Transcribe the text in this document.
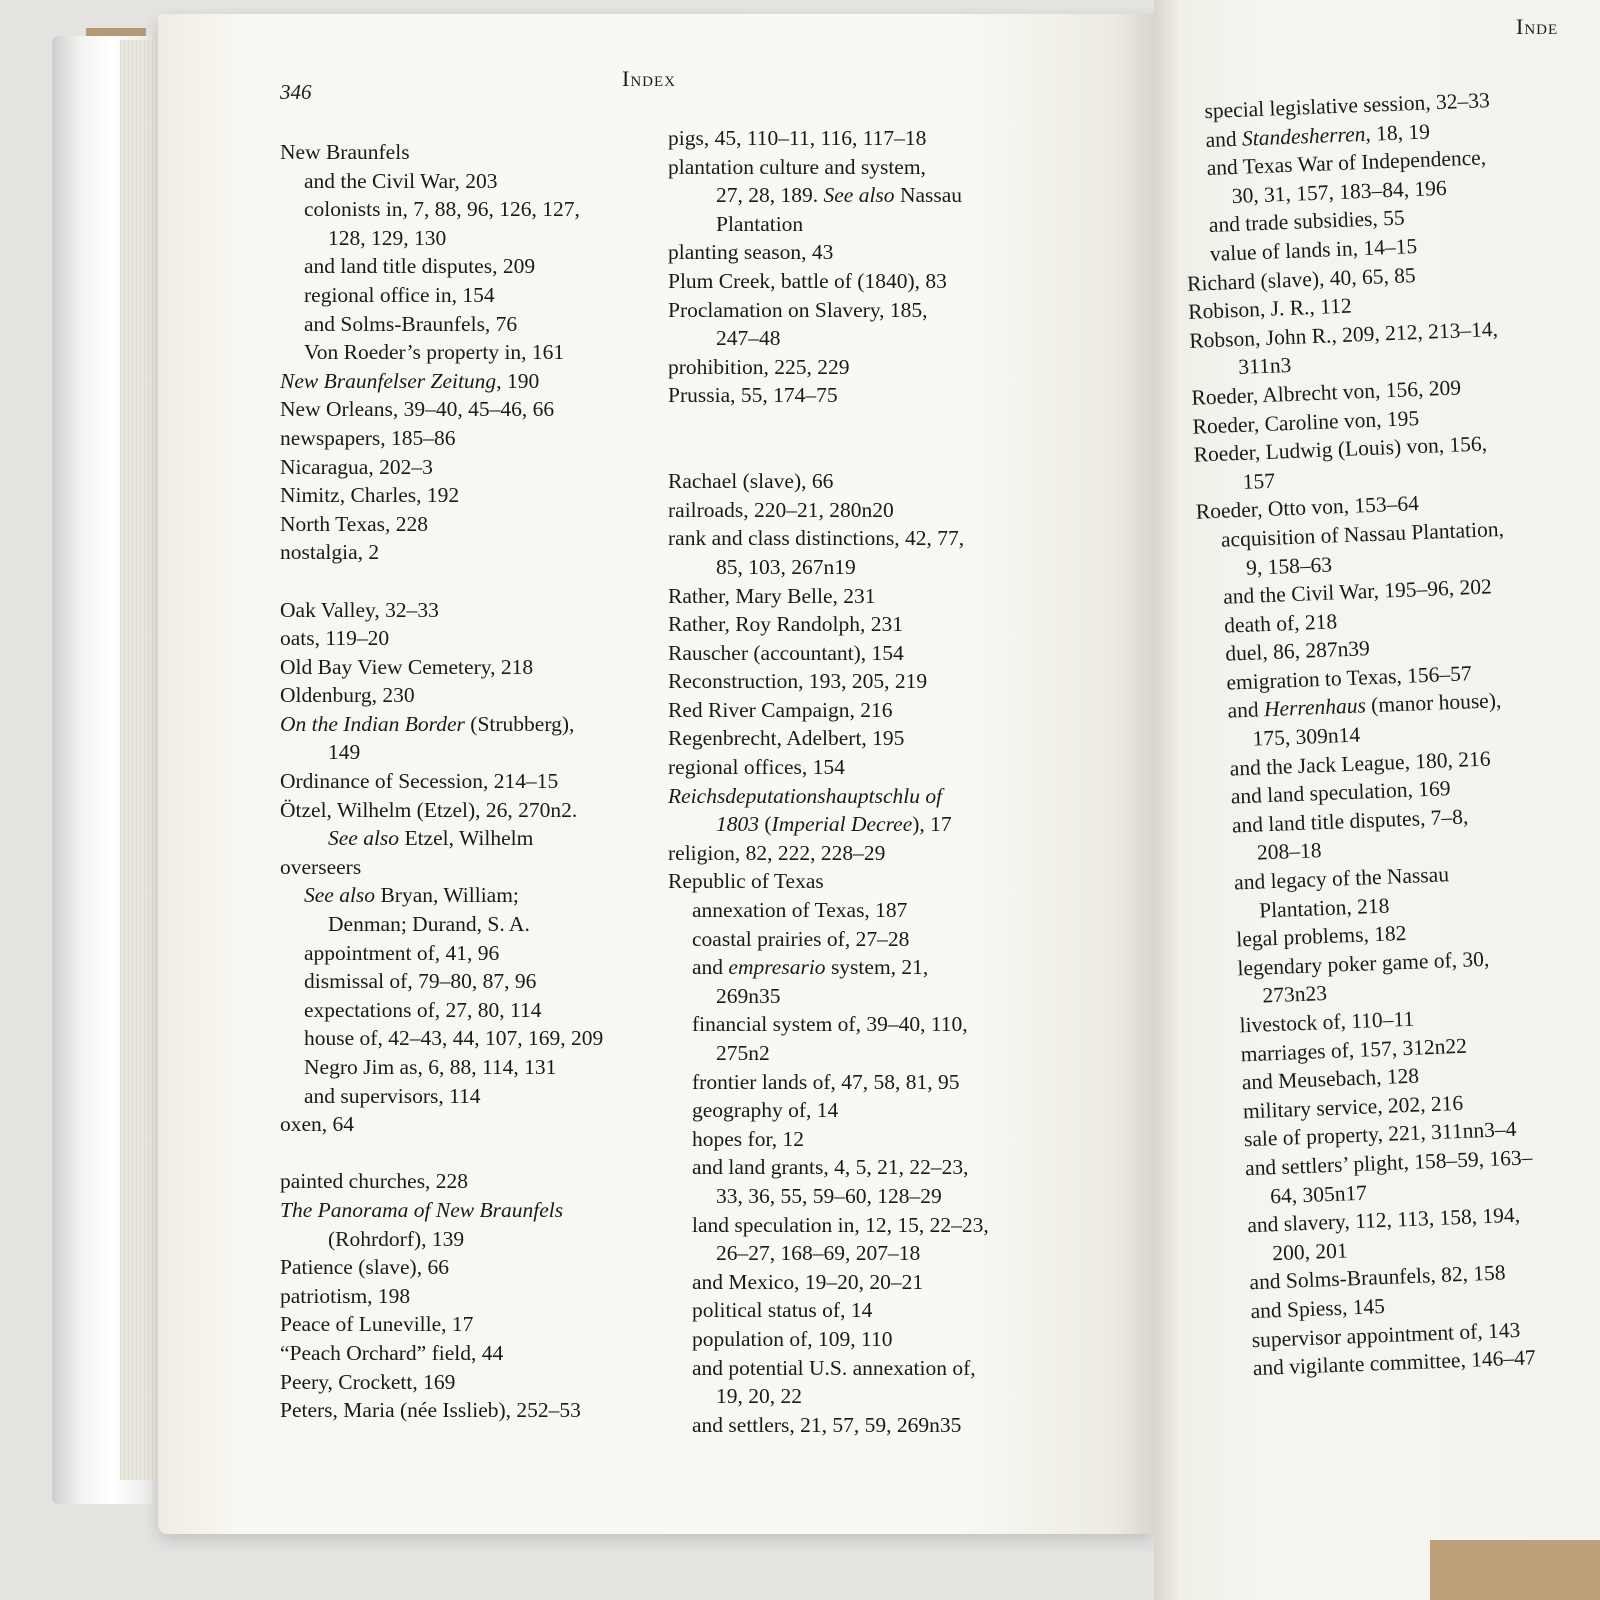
346
Index
Inde
New Braunfels
and the Civil War, 203
colonists in, 7, 88, 96, 126, 127,
128, 129, 130
and land title disputes, 209
regional office in, 154
and Solms-Braunfels, 76
Von Roeder’s property in, 161
New Braunfelser Zeitung, 190
New Orleans, 39–40, 45–46, 66
newspapers, 185–86
Nicaragua, 202–3
Nimitz, Charles, 192
North Texas, 228
nostalgia, 2
Oak Valley, 32–33
oats, 119–20
Old Bay View Cemetery, 218
Oldenburg, 230
On the Indian Border (Strubberg),
149
Ordinance of Secession, 214–15
Ötzel, Wilhelm (Etzel), 26, 270n2.
See also Etzel, Wilhelm
overseers
See also Bryan, William;
Denman; Durand, S. A.
appointment of, 41, 96
dismissal of, 79–80, 87, 96
expectations of, 27, 80, 114
house of, 42–43, 44, 107, 169, 209
Negro Jim as, 6, 88, 114, 131
and supervisors, 114
oxen, 64
painted churches, 228
The Panorama of New Braunfels
(Rohrdorf), 139
Patience (slave), 66
patriotism, 198
Peace of Luneville, 17
“Peach Orchard” field, 44
Peery, Crockett, 169
Peters, Maria (née Isslieb), 252–53
pigs, 45, 110–11, 116, 117–18
plantation culture and system,
27, 28, 189. See also Nassau
Plantation
planting season, 43
Plum Creek, battle of (1840), 83
Proclamation on Slavery, 185,
247–48
prohibition, 225, 229
Prussia, 55, 174–75
Rachael (slave), 66
railroads, 220–21, 280n20
rank and class distinctions, 42, 77,
85, 103, 267n19
Rather, Mary Belle, 231
Rather, Roy Randolph, 231
Rauscher (accountant), 154
Reconstruction, 193, 205, 219
Red River Campaign, 216
Regenbrecht, Adelbert, 195
regional offices, 154
Reichsdeputationshauptschlu of
1803 (Imperial Decree), 17
religion, 82, 222, 228–29
Republic of Texas
annexation of Texas, 187
coastal prairies of, 27–28
and empresario system, 21,
269n35
financial system of, 39–40, 110,
275n2
frontier lands of, 47, 58, 81, 95
geography of, 14
hopes for, 12
and land grants, 4, 5, 21, 22–23,
33, 36, 55, 59–60, 128–29
land speculation in, 12, 15, 22–23,
26–27, 168–69, 207–18
and Mexico, 19–20, 20–21
political status of, 14
population of, 109, 110
and potential U.S. annexation of,
19, 20, 22
and settlers, 21, 57, 59, 269n35
special legislative session, 32–33
and Standesherren, 18, 19
and Texas War of Independence,
30, 31, 157, 183–84, 196
and trade subsidies, 55
value of lands in, 14–15
Richard (slave), 40, 65, 85
Robison, J. R., 112
Robson, John R., 209, 212, 213–14,
311n3
Roeder, Albrecht von, 156, 209
Roeder, Caroline von, 195
Roeder, Ludwig (Louis) von, 156,
157
Roeder, Otto von, 153–64
acquisition of Nassau Plantation,
9, 158–63
and the Civil War, 195–96, 202
death of, 218
duel, 86, 287n39
emigration to Texas, 156–57
and Herrenhaus (manor house),
175, 309n14
and the Jack League, 180, 216
and land speculation, 169
and land title disputes, 7–8,
208–18
and legacy of the Nassau
Plantation, 218
legal problems, 182
legendary poker game of, 30,
273n23
livestock of, 110–11
marriages of, 157, 312n22
and Meusebach, 128
military service, 202, 216
sale of property, 221, 311nn3–4
and settlers’ plight, 158–59, 163–
64, 305n17
and slavery, 112, 113, 158, 194,
200, 201
and Solms-Braunfels, 82, 158
and Spiess, 145
supervisor appointment of, 143
and vigilante committee, 146–47
